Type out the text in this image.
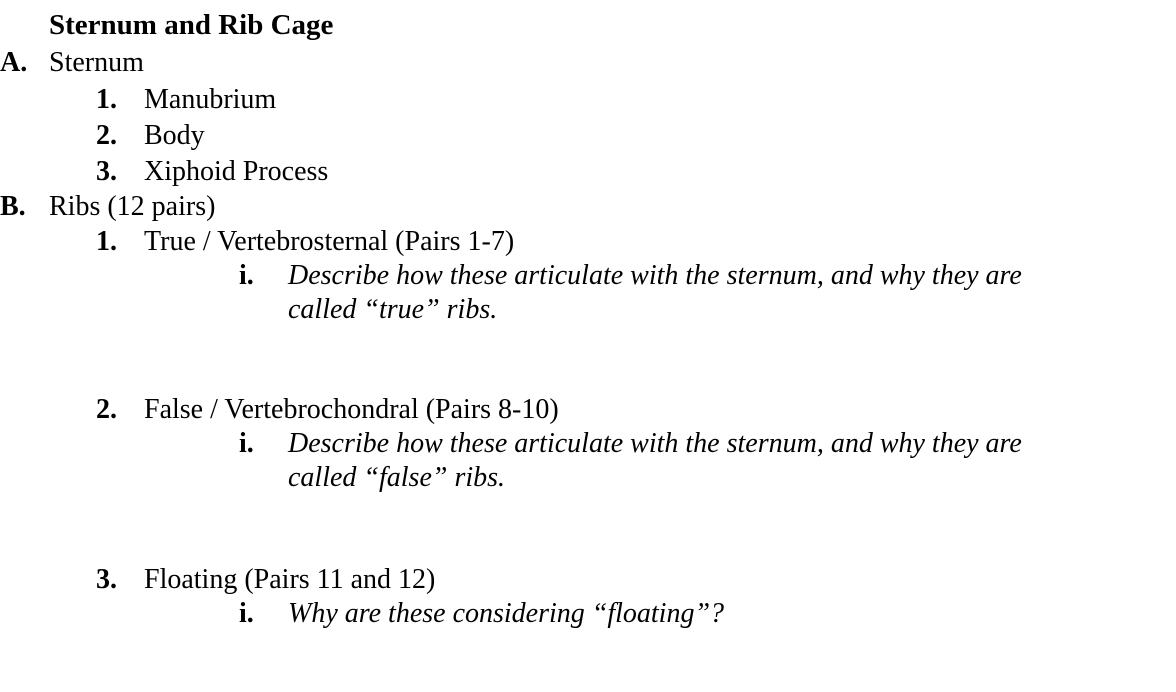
Sternum and Rib Cage
A. Sternum
1. Manubrium
2. Body
3. Xiphoid Process
B. Ribs (12 pairs)
1. True / Vertebrosternal (Pairs 1-7)
i. Describe how these articulate with the sternum, and why they are
called “true” ribs.
2. False / Vertebrochondral (Pairs 8-10)
i. Describe how these articulate with the sternum, and why they are
called “false” ribs.
3. Floating (Pairs 11 and 12)
i. Why are these considering “floating”?
